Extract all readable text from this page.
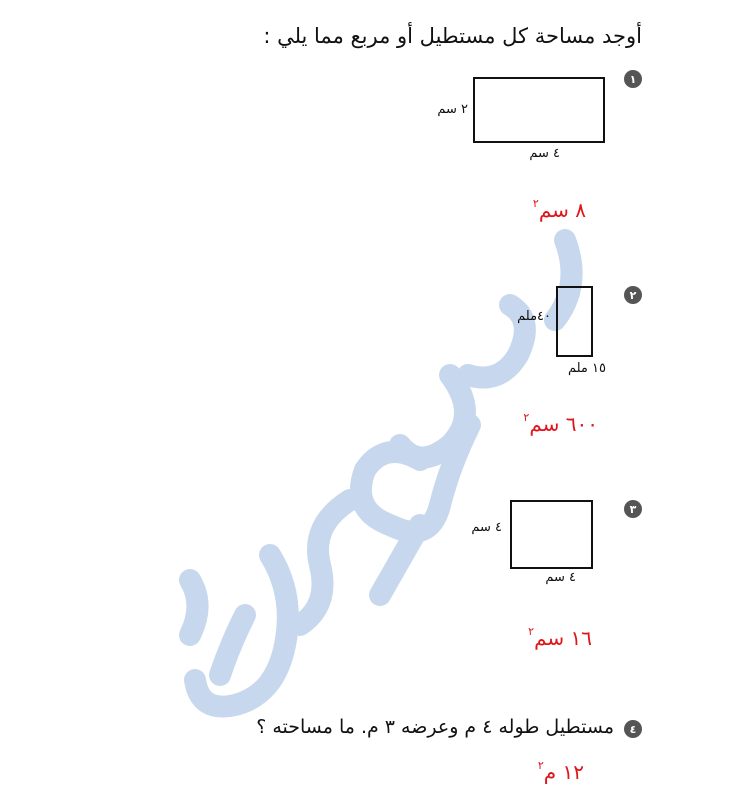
أوجد مساحة كل مستطيل أو مربع مما يلي :
١
٢ سم
٤ سم
٨ سم$^٢$
٢
٤٠ملم
١٥ ملم
٦٠٠ سم$^٢$
٣
٤ سم
٤ سم
١٦ سم$^٢$
٤
مستطيل طوله ٤ م وعرضه ٣ م. ما مساحته ؟
١٢ م$^٢$
